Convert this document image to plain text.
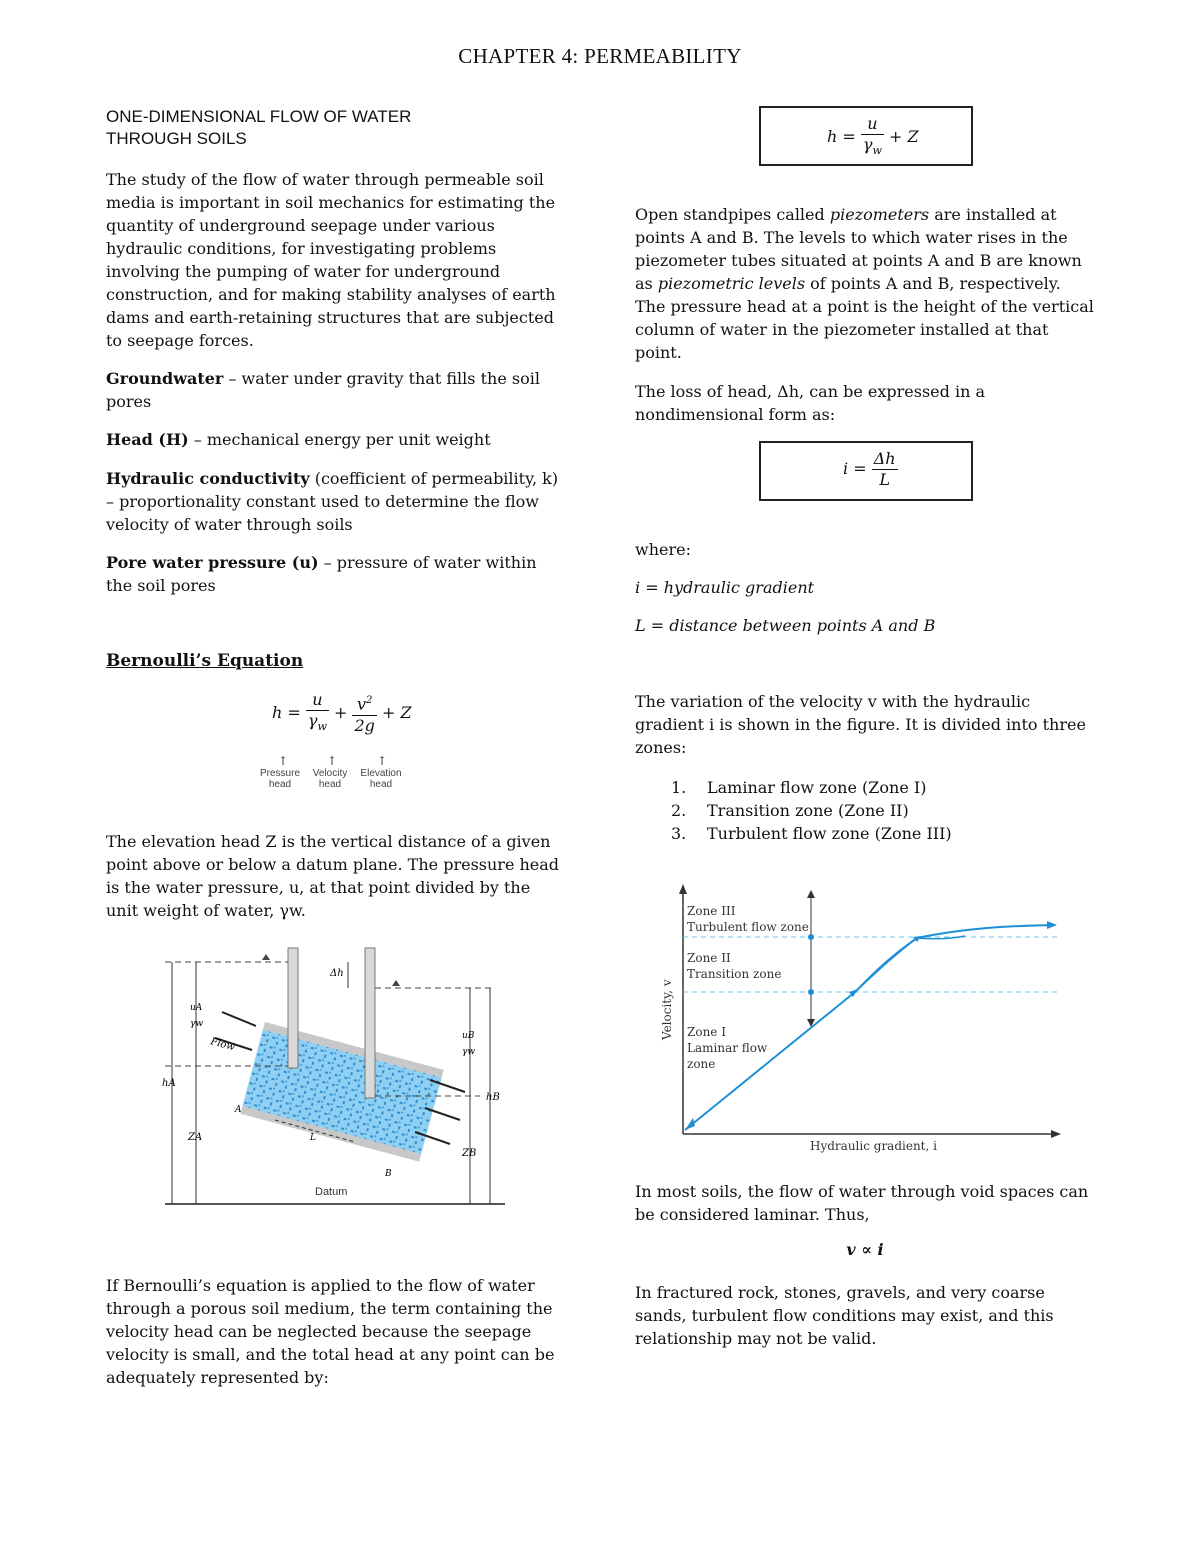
CHAPTER 4: PERMEABILITY
ONE-DIMENSIONAL FLOW OF WATER
THROUGH SOILS

The study of the flow of water through permeable soil media is important in soil mechanics for estimating the quantity of underground seepage under various hydraulic conditions, for investigating problems involving the pumping of water for underground construction, and for making stability analyses of earth dams and earth-retaining structures that are subjected to seepage forces.

Groundwater – water under gravity that fills the soil pores

Head (H) – mechanical energy per unit weight

Hydraulic conductivity (coefficient of permeability, k) – proportionality constant used to determine the flow velocity of water through soils

Pore water pressure (u) – pressure of water within the soil pores

Bernoulli’s Equation
$h = \frac{u}{\gamma_w} + \frac{v^2}{2g} + Z$
↑	↑	↑
Pressure head
Velocity head
Elevation head

The elevation head Z is the vertical distance of a given point above or below a datum plane. The pressure head is the water pressure, u, at that point divided by the unit weight of water, γw.

Datum
Δh
hA
uA
γw
ZA
uB
γw
hB
ZB
Flow
A
B
L

If Bernoulli’s equation is applied to the flow of water through a porous soil medium, the term containing the velocity head can be neglected because the seepage velocity is small, and the total head at any point can be adequately represented by:

$h = \frac{u}{\gamma_w} + Z$

Open standpipes called piezometers are installed at points A and B. The levels to which water rises in the piezometer tubes situated at points A and B are known as piezometric levels of points A and B, respectively. The pressure head at a point is the height of the vertical column of water in the piezometer installed at that point.

The loss of head, Δh, can be expressed in a nondimensional form as:

$i = \frac{\Delta h}{L}$
where:
i = hydraulic gradient
L = distance between points A and B

The variation of the velocity v with the hydraulic gradient i is shown in the figure. It is divided into three zones:

1. Laminar flow zone (Zone I)
2. Transition zone (Zone II)
3. Turbulent flow zone (Zone III)
Zone III
Turbulent flow zone
Zone II
Transition zone
Zone I
Laminar flow
zone
Velocity, v
Hydraulic gradient, i

In most soils, the flow of water through void spaces can be considered laminar. Thus,

v ∝ i

In fractured rock, stones, gravels, and very coarse sands, turbulent flow conditions may exist, and this relationship may not be valid.
